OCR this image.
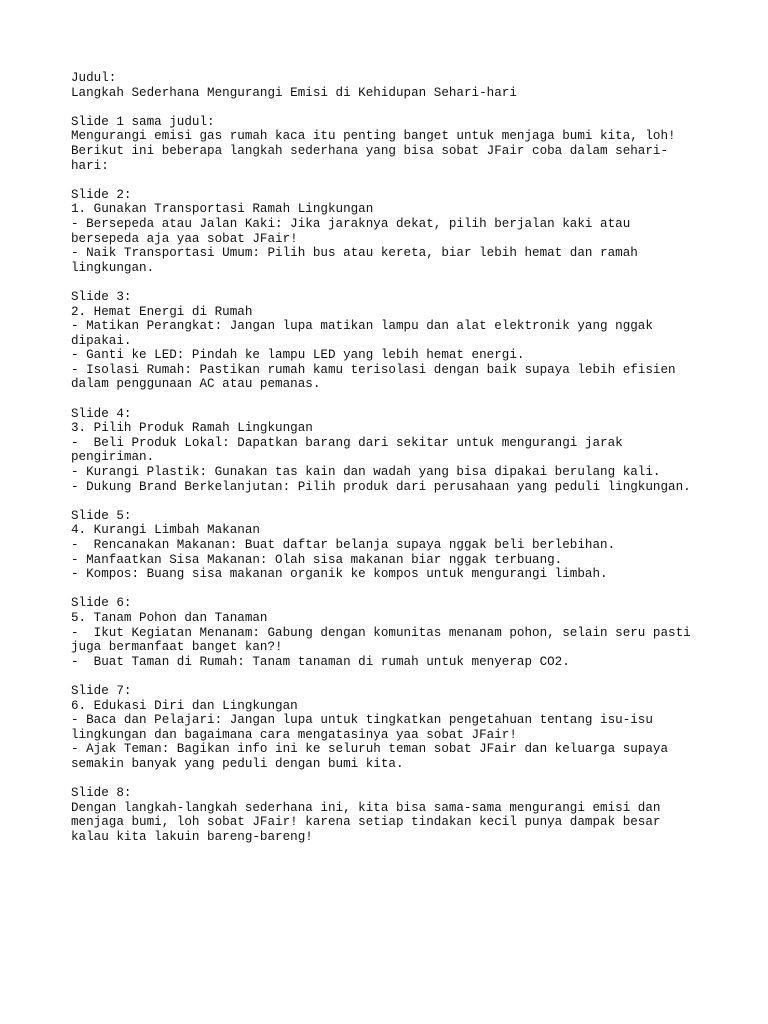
Judul:
Langkah Sederhana Mengurangi Emisi di Kehidupan Sehari-hari
Slide 1 sama judul:
Mengurangi emisi gas rumah kaca itu penting banget untuk menjaga bumi kita, loh!
Berikut ini beberapa langkah sederhana yang bisa sobat JFair coba dalam sehari-
hari:
Slide 2:
1. Gunakan Transportasi Ramah Lingkungan
- Bersepeda atau Jalan Kaki: Jika jaraknya dekat, pilih berjalan kaki atau
bersepeda aja yaa sobat JFair!
- Naik Transportasi Umum: Pilih bus atau kereta, biar lebih hemat dan ramah
lingkungan.
Slide 3:
2. Hemat Energi di Rumah
- Matikan Perangkat: Jangan lupa matikan lampu dan alat elektronik yang nggak
dipakai.
- Ganti ke LED: Pindah ke lampu LED yang lebih hemat energi.
- Isolasi Rumah: Pastikan rumah kamu terisolasi dengan baik supaya lebih efisien
dalam penggunaan AC atau pemanas.
Slide 4:
3. Pilih Produk Ramah Lingkungan
-  Beli Produk Lokal: Dapatkan barang dari sekitar untuk mengurangi jarak
pengiriman.
- Kurangi Plastik: Gunakan tas kain dan wadah yang bisa dipakai berulang kali.
- Dukung Brand Berkelanjutan: Pilih produk dari perusahaan yang peduli lingkungan.
Slide 5:
4. Kurangi Limbah Makanan
-  Rencanakan Makanan: Buat daftar belanja supaya nggak beli berlebihan.
- Manfaatkan Sisa Makanan: Olah sisa makanan biar nggak terbuang.
- Kompos: Buang sisa makanan organik ke kompos untuk mengurangi limbah.
Slide 6:
5. Tanam Pohon dan Tanaman
-  Ikut Kegiatan Menanam: Gabung dengan komunitas menanam pohon, selain seru pasti
juga bermanfaat banget kan?!
-  Buat Taman di Rumah: Tanam tanaman di rumah untuk menyerap CO2.
Slide 7:
6. Edukasi Diri dan Lingkungan
- Baca dan Pelajari: Jangan lupa untuk tingkatkan pengetahuan tentang isu-isu
lingkungan dan bagaimana cara mengatasinya yaa sobat JFair!
- Ajak Teman: Bagikan info ini ke seluruh teman sobat JFair dan keluarga supaya
semakin banyak yang peduli dengan bumi kita.
Slide 8:
Dengan langkah-langkah sederhana ini, kita bisa sama-sama mengurangi emisi dan
menjaga bumi, loh sobat JFair! karena setiap tindakan kecil punya dampak besar
kalau kita lakuin bareng-bareng!
